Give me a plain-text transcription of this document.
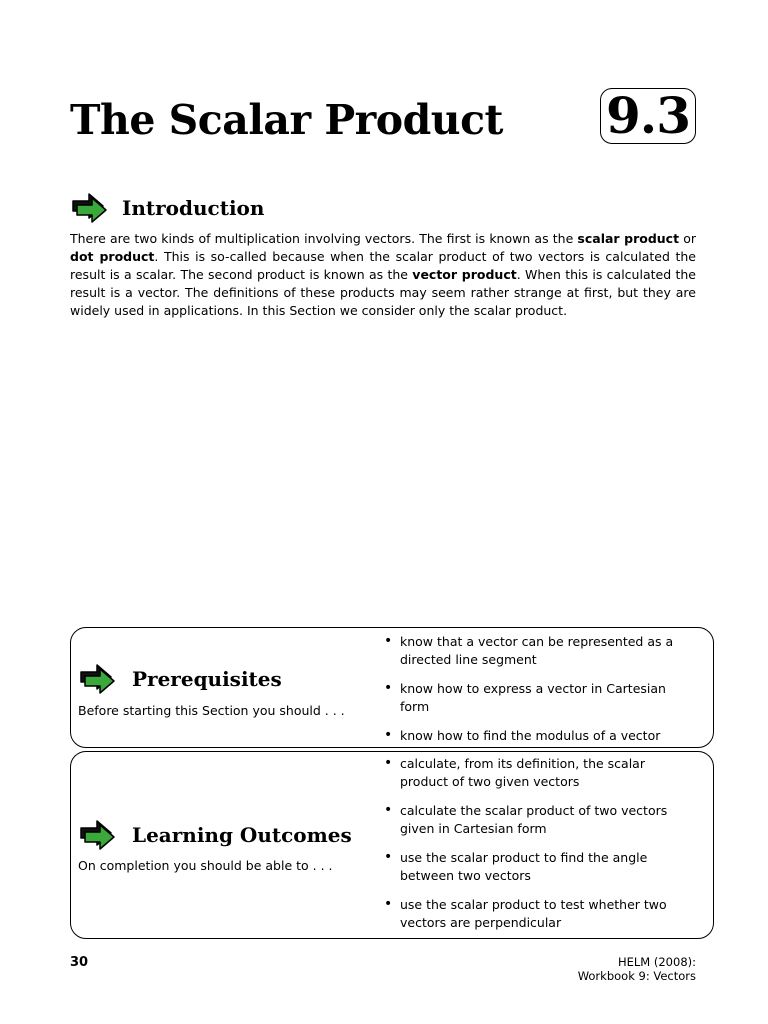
The Scalar Product 9.3
Introduction
There are two kinds of multiplication involving vectors. The first is known as the scalar product or dot product. This is so-called because when the scalar product of two vectors is calculated the result is a scalar. The second product is known as the vector product. When this is calculated the result is a vector. The definitions of these products may seem rather strange at first, but they are widely used in applications. In this Section we consider only the scalar product.
Prerequisites
Before starting this Section you should . . .
• know that a vector can be represented as a directed line segment
• know how to express a vector in Cartesian form
• know how to find the modulus of a vector
Learning Outcomes
On completion you should be able to . . .
• calculate, from its definition, the scalar product of two given vectors
• calculate the scalar product of two vectors given in Cartesian form
• use the scalar product to find the angle between two vectors
• use the scalar product to test whether two vectors are perpendicular
30	HELM (2008):
Workbook 9: Vectors
